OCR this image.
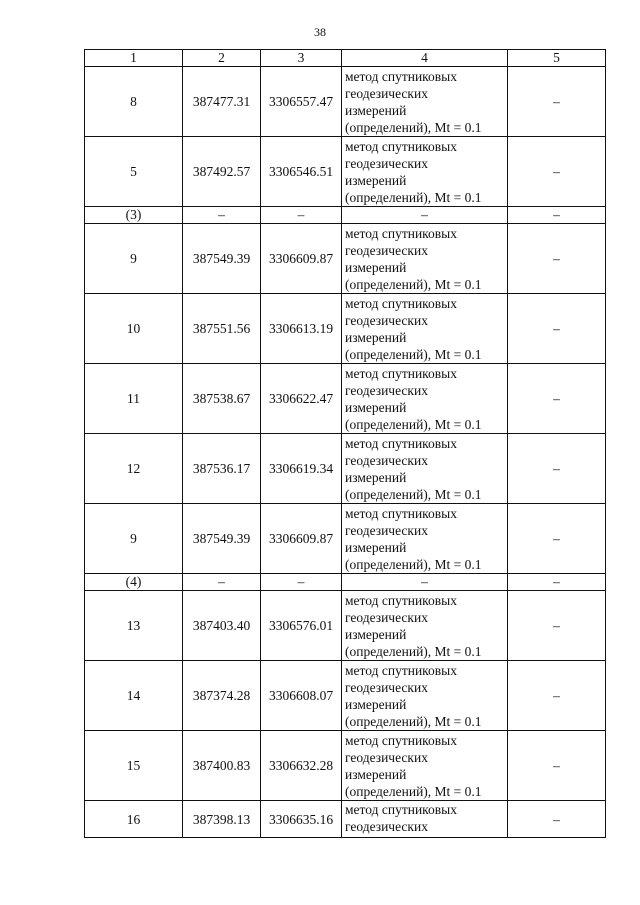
38
1	2	3	4	5
8	387477.31	3306557.47	метод спутниковых
геодезических
измерений
(определений), Mt = 0.1	–
5	387492.57	3306546.51	метод спутниковых
геодезических
измерений
(определений), Mt = 0.1	–
(3)	–	–	–	–
9	387549.39	3306609.87	метод спутниковых
геодезических
измерений
(определений), Mt = 0.1	–
10	387551.56	3306613.19	метод спутниковых
геодезических
измерений
(определений), Mt = 0.1	–
11	387538.67	3306622.47	метод спутниковых
геодезических
измерений
(определений), Mt = 0.1	–
12	387536.17	3306619.34	метод спутниковых
геодезических
измерений
(определений), Mt = 0.1	–
9	387549.39	3306609.87	метод спутниковых
геодезических
измерений
(определений), Mt = 0.1	–
(4)	–	–	–	–
13	387403.40	3306576.01	метод спутниковых
геодезических
измерений
(определений), Mt = 0.1	–
14	387374.28	3306608.07	метод спутниковых
геодезических
измерений
(определений), Mt = 0.1	–
15	387400.83	3306632.28	метод спутниковых
геодезических
измерений
(определений), Mt = 0.1	–
16	387398.13	3306635.16	метод спутниковых
геодезических	–
